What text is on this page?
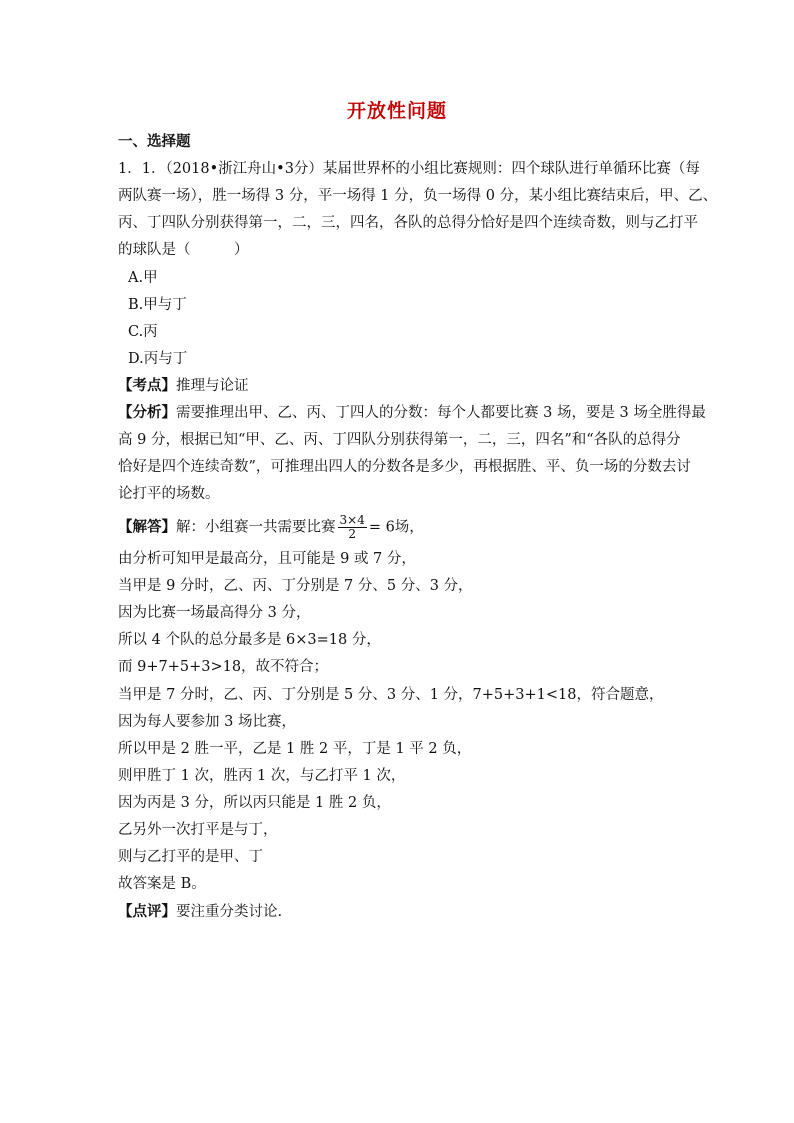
开放性问题
一、选择题
1．1．（2018•浙江舟山•3分）某届世界杯的小组比赛规则：四个球队进行单循环比赛（每
两队赛一场），胜一场得 3 分，平一场得 1 分，负一场得 0 分，某小组比赛结束后，甲、乙、
丙、丁四队分别获得第一，二，三，四名，各队的总得分恰好是四个连续奇数，则与乙打平
的球队是（　　　）
A.甲
B.甲与丁
C.丙
D.丙与丁
【考点】推理与论证
【分析】需要推理出甲、乙、丙、丁四人的分数：每个人都要比赛 3 场，要是 3 场全胜得最
高 9 分，根据已知“甲、乙、丙、丁四队分别获得第一，二，三，四名”和“各队的总得分
恰好是四个连续奇数”，可推理出四人的分数各是多少，再根据胜、平、负一场的分数去讨
论打平的场数。
【解答】解：小组赛一共需要比赛 $\frac{3\times 4}{2} = 6$场，
由分析可知甲是最高分，且可能是 9 或 7 分，
当甲是 9 分时，乙、丙、丁分别是 7 分、5 分、3 分，
因为比赛一场最高得分 3 分，
所以 4 个队的总分最多是 6×3=18 分，
而 9+7+5+3>18，故不符合；
当甲是 7 分时，乙、丙、丁分别是 5 分、3 分、1 分，7+5+3+1<18，符合题意，
因为每人要参加 3 场比赛，
所以甲是 2 胜一平，乙是 1 胜 2 平，丁是 1 平 2 负，
则甲胜丁 1 次，胜丙 1 次，与乙打平 1 次，
因为丙是 3 分，所以丙只能是 1 胜 2 负，
乙另外一次打平是与丁，
则与乙打平的是甲、丁
故答案是 B。
【点评】要注重分类讨论.
